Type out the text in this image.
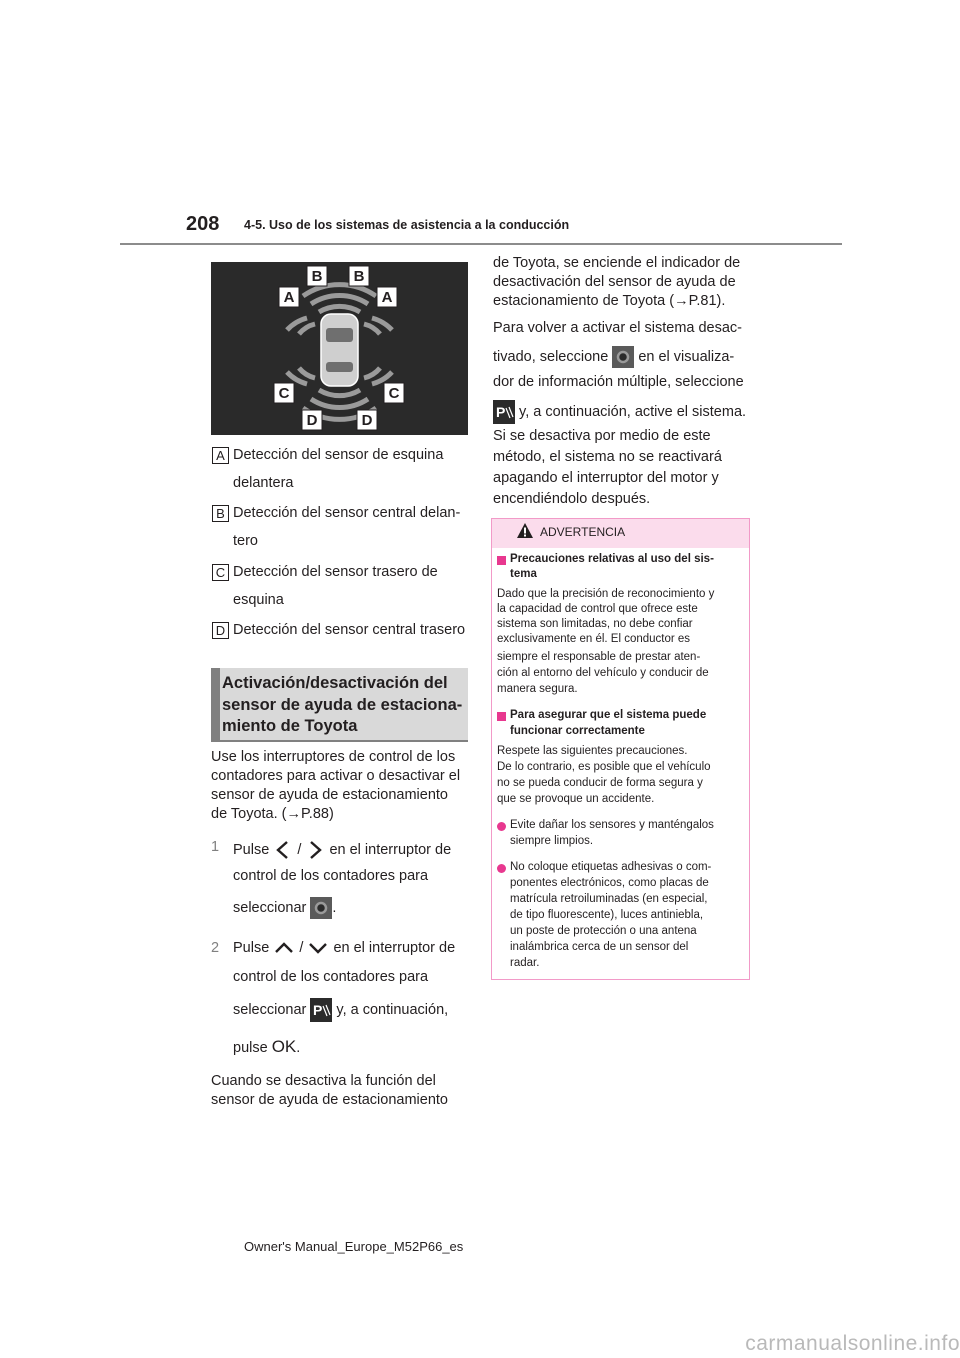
208 4-5. Uso de los sistemas de asistencia a la conducción
B B
A	A
C	C
D	D
A Detección del sensor de esquina
delantera
B Detección del sensor central delan-
tero
C Detección del sensor trasero de
esquina
D Detección del sensor central trasero
Activación/desactivación del
sensor de ayuda de estaciona-
miento de Toyota
Use los interruptores de control de los
contadores para activar o desactivar el
sensor de ayuda de estacionamiento
de Toyota. (→P.88)
1 Pulse / en el interruptor de
control de los contadores para
seleccionar .
2 Pulse / en el interruptor de
control de los contadores para
seleccionar P y, a continuación,
pulse OK.
Cuando se desactiva la función del
sensor de ayuda de estacionamiento
de Toyota, se enciende el indicador de
desactivación del sensor de ayuda de
estacionamiento de Toyota (→P.81).
Para volver a activar el sistema desac-
tivado, seleccione en el visualiza-
dor de información múltiple, seleccione
P y, a continuación, active el sistema.
Si se desactiva por medio de este
método, el sistema no se reactivará
apagando el interruptor del motor y
encendiéndolo después.
ADVERTENCIA
Precauciones relativas al uso del sis-
tema
Dado que la precisión de reconocimiento y
la capacidad de control que ofrece este
sistema son limitadas, no debe confiar
exclusivamente en él. El conductor es
siempre el responsable de prestar aten-
ción al entorno del vehículo y conducir de
manera segura.
Para asegurar que el sistema puede
funcionar correctamente
Respete las siguientes precauciones.
De lo contrario, es posible que el vehículo
no se pueda conducir de forma segura y
que se provoque un accidente.
Evite dañar los sensores y manténgalos
siempre limpios.
No coloque etiquetas adhesivas o com-
ponentes electrónicos, como placas de
matrícula retroiluminadas (en especial,
de tipo fluorescente), luces antiniebla,
un poste de protección o una antena
inalámbrica cerca de un sensor del
radar.
Owner's Manual_Europe_M52P66_es
carmanualsonline.info
